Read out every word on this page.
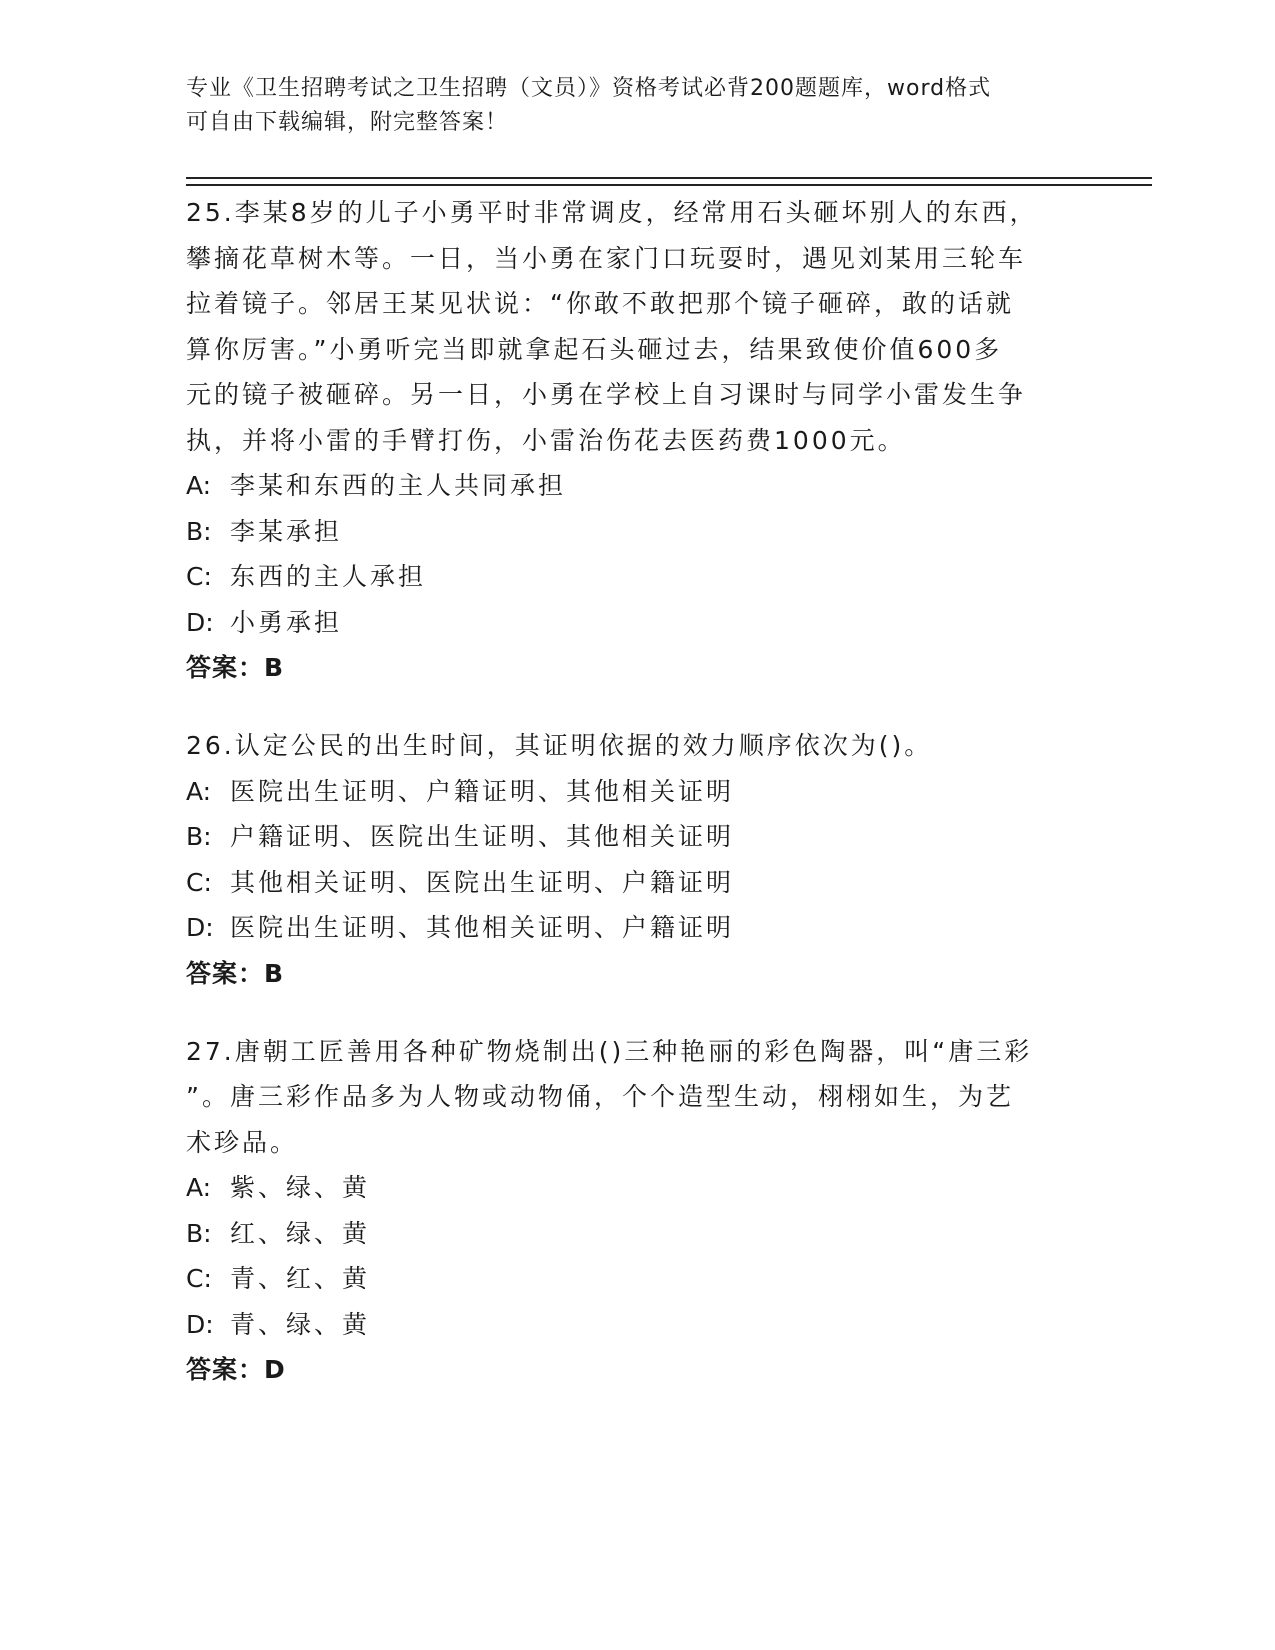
专业《卫生招聘考试之卫生招聘（文员）》资格考试必背200题题库，word格式
可自由下载编辑，附完整答案！
25.李某8岁的儿子小勇平时非常调皮，经常用石头砸坏别人的东西，
攀摘花草树木等。一日，当小勇在家门口玩耍时，遇见刘某用三轮车
拉着镜子。邻居王某见状说：“你敢不敢把那个镜子砸碎，敢的话就
算你厉害。”小勇听完当即就拿起石头砸过去，结果致使价值600多
元的镜子被砸碎。另一日，小勇在学校上自习课时与同学小雷发生争
执，并将小雷的手臂打伤，小雷治伤花去医药费1000元。
A: 李某和东西的主人共同承担
B: 李某承担
C: 东西的主人承担
D: 小勇承担
答案：B
26.认定公民的出生时间，其证明依据的效力顺序依次为()。
A: 医院出生证明、户籍证明、其他相关证明
B: 户籍证明、医院出生证明、其他相关证明
C: 其他相关证明、医院出生证明、户籍证明
D: 医院出生证明、其他相关证明、户籍证明
答案：B
27.唐朝工匠善用各种矿物烧制出()三种艳丽的彩色陶器，叫“唐三彩
”。唐三彩作品多为人物或动物俑，个个造型生动，栩栩如生，为艺
术珍品。
A: 紫、绿、黄
B: 红、绿、黄
C: 青、红、黄
D: 青、绿、黄
答案：D
